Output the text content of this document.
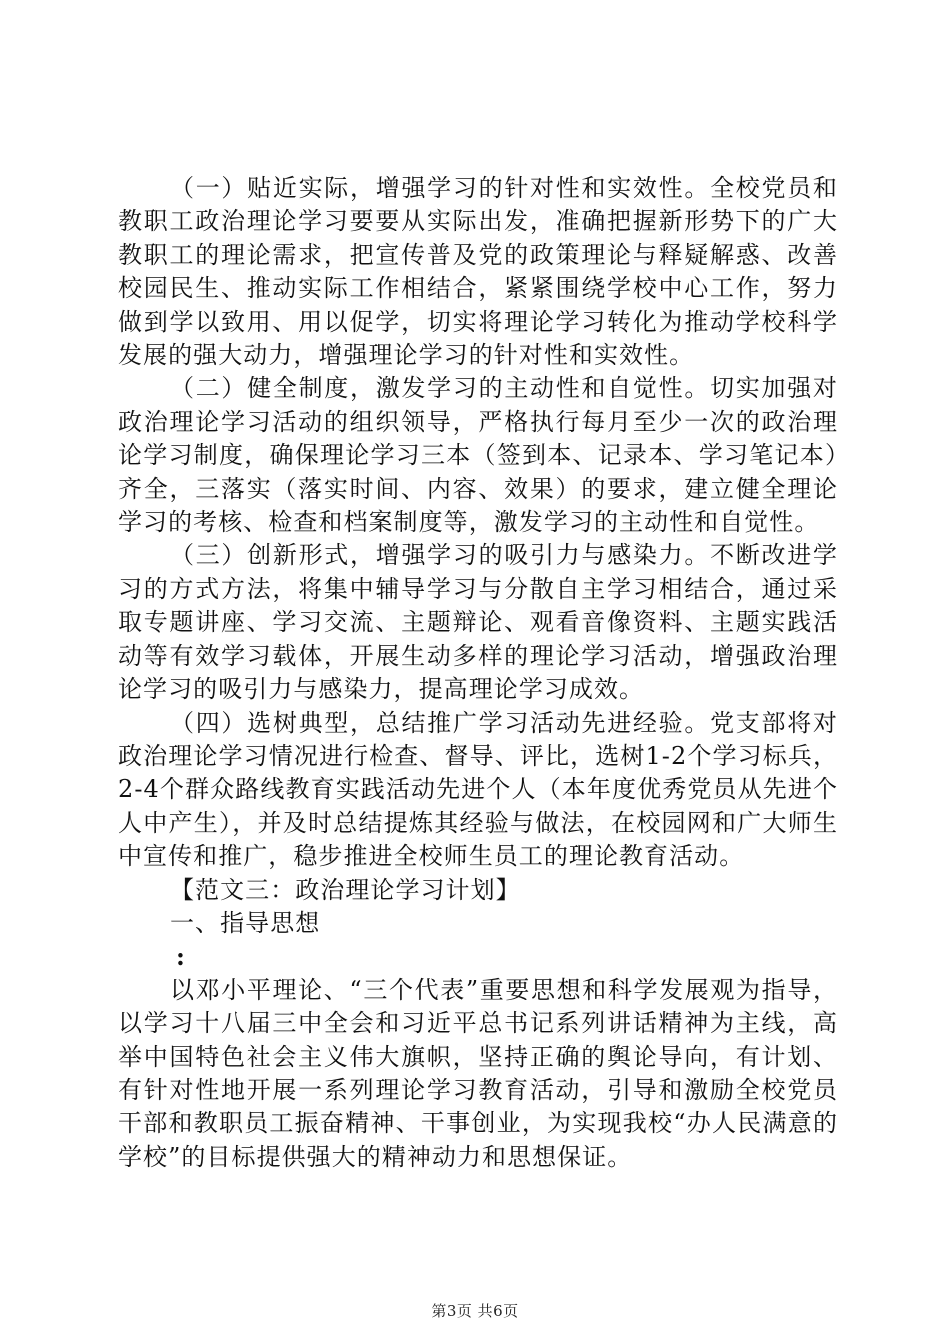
（一）贴近实际，增强学习的针对性和实效性。全校党员和教职工政治理论学习要要从实际出发，准确把握新形势下的广大教职工的理论需求，把宣传普及党的政策理论与释疑解惑、改善校园民生、推动实际工作相结合，紧紧围绕学校中心工作，努力做到学以致用、用以促学，切实将理论学习转化为推动学校科学发展的强大动力，增强理论学习的针对性和实效性。

（二）健全制度，激发学习的主动性和自觉性。切实加强对政治理论学习活动的组织领导，严格执行每月至少一次的政治理论学习制度，确保理论学习三本（签到本、记录本、学习笔记本）齐全，三落实（落实时间、内容、效果）的要求，建立健全理论学习的考核、检查和档案制度等，激发学习的主动性和自觉性。

（三）创新形式，增强学习的吸引力与感染力。不断改进学习的方式方法，将集中辅导学习与分散自主学习相结合，通过采取专题讲座、学习交流、主题辩论、观看音像资料、主题实践活动等有效学习载体，开展生动多样的理论学习活动，增强政治理论学习的吸引力与感染力，提高理论学习成效。

（四）选树典型，总结推广学习活动先进经验。党支部将对政治理论学习情况进行检查、督导、评比，选树1-2个学习标兵，2-4个群众路线教育实践活动先进个人（本年度优秀党员从先进个人中产生），并及时总结提炼其经验与做法，在校园网和广大师生中宣传和推广，稳步推进全校师生员工的理论教育活动。

【范文三：政治理论学习计划】

一、指导思想

:

以邓小平理论、“三个代表”重要思想和科学发展观为指导，以学习十八届三中全会和习近平总书记系列讲话精神为主线，高举中国特色社会主义伟大旗帜，坚持正确的舆论导向，有计划、有针对性地开展一系列理论学习教育活动，引导和激励全校党员干部和教职员工振奋精神、干事创业，为实现我校“办人民满意的学校”的目标提供强大的精神动力和思想保证。

第3页 共6页
